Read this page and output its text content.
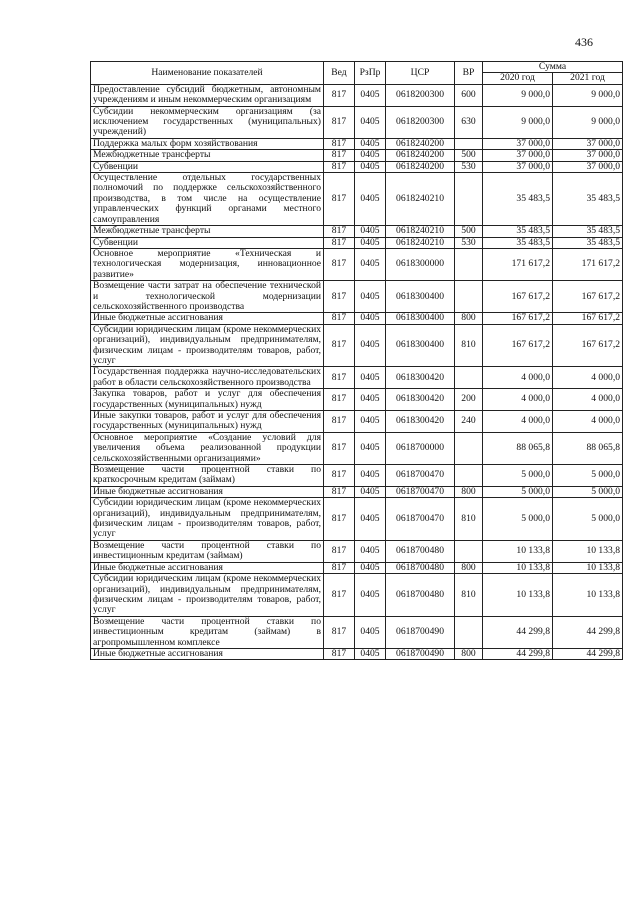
436
Наименование показателей	Вед	РзПр	ЦСР	ВР	Сумма	
					2020 год	2021 год
Предоставление субсидий бюджетным, автономным учреждениям и иным некоммерческим организациям	817	0405	0618200300	600	9 000,0	9 000,0
Субсидии некоммерческим организациям (за исключением государственных (муниципальных) учреждений)	817	0405	0618200300	630	9 000,0	9 000,0
Поддержка малых форм хозяйствования	817	0405	0618240200		37 000,0	37 000,0
Межбюджетные трансферты	817	0405	0618240200	500	37 000,0	37 000,0
Субвенции	817	0405	0618240200	530	37 000,0	37 000,0
Осуществление отдельных государственных полномочий по поддержке сельскохозяйственного производства, в том числе на осуществление управленческих функций органами местного самоуправления	817	0405	0618240210		35 483,5	35 483,5
Межбюджетные трансферты	817	0405	0618240210	500	35 483,5	35 483,5
Субвенции	817	0405	0618240210	530	35 483,5	35 483,5
Основное мероприятие «Техническая и технологическая модернизация, инновационное развитие»	817	0405	0618300000		171 617,2	171 617,2
Возмещение части затрат на обеспечение технической и технологической модернизации сельскохозяйственного производства	817	0405	0618300400		167 617,2	167 617,2
Иные бюджетные ассигнования	817	0405	0618300400	800	167 617,2	167 617,2
Субсидии юридическим лицам (кроме некоммерческих организаций), индивидуальным предпринимателям, физическим лицам - производителям товаров, работ, услуг	817	0405	0618300400	810	167 617,2	167 617,2
Государственная поддержка научно-исследовательских работ в области сельскохозяйственного производства	817	0405	0618300420		4 000,0	4 000,0
Закупка товаров, работ и услуг для обеспечения государственных (муниципальных) нужд	817	0405	0618300420	200	4 000,0	4 000,0
Иные закупки товаров, работ и услуг для обеспечения государственных (муниципальных) нужд	817	0405	0618300420	240	4 000,0	4 000,0
Основное мероприятие «Создание условий для увеличения объема реализованной продукции сельскохозяйственными организациями»	817	0405	0618700000		88 065,8	88 065,8
Возмещение части процентной ставки по краткосрочным кредитам (займам)	817	0405	0618700470		5 000,0	5 000,0
Иные бюджетные ассигнования	817	0405	0618700470	800	5 000,0	5 000,0
Субсидии юридическим лицам (кроме некоммерческих организаций), индивидуальным предпринимателям, физическим лицам - производителям товаров, работ, услуг	817	0405	0618700470	810	5 000,0	5 000,0
Возмещение части процентной ставки по инвестиционным кредитам (займам)	817	0405	0618700480		10 133,8	10 133,8
Иные бюджетные ассигнования	817	0405	0618700480	800	10 133,8	10 133,8
Субсидии юридическим лицам (кроме некоммерческих организаций), индивидуальным предпринимателям, физическим лицам - производителям товаров, работ, услуг	817	0405	0618700480	810	10 133,8	10 133,8
Возмещение части процентной ставки по инвестиционным кредитам (займам) в агропромышленном комплексе	817	0405	0618700490		44 299,8	44 299,8
Иные бюджетные ассигнования	817	0405	0618700490	800	44 299,8	44 299,8
